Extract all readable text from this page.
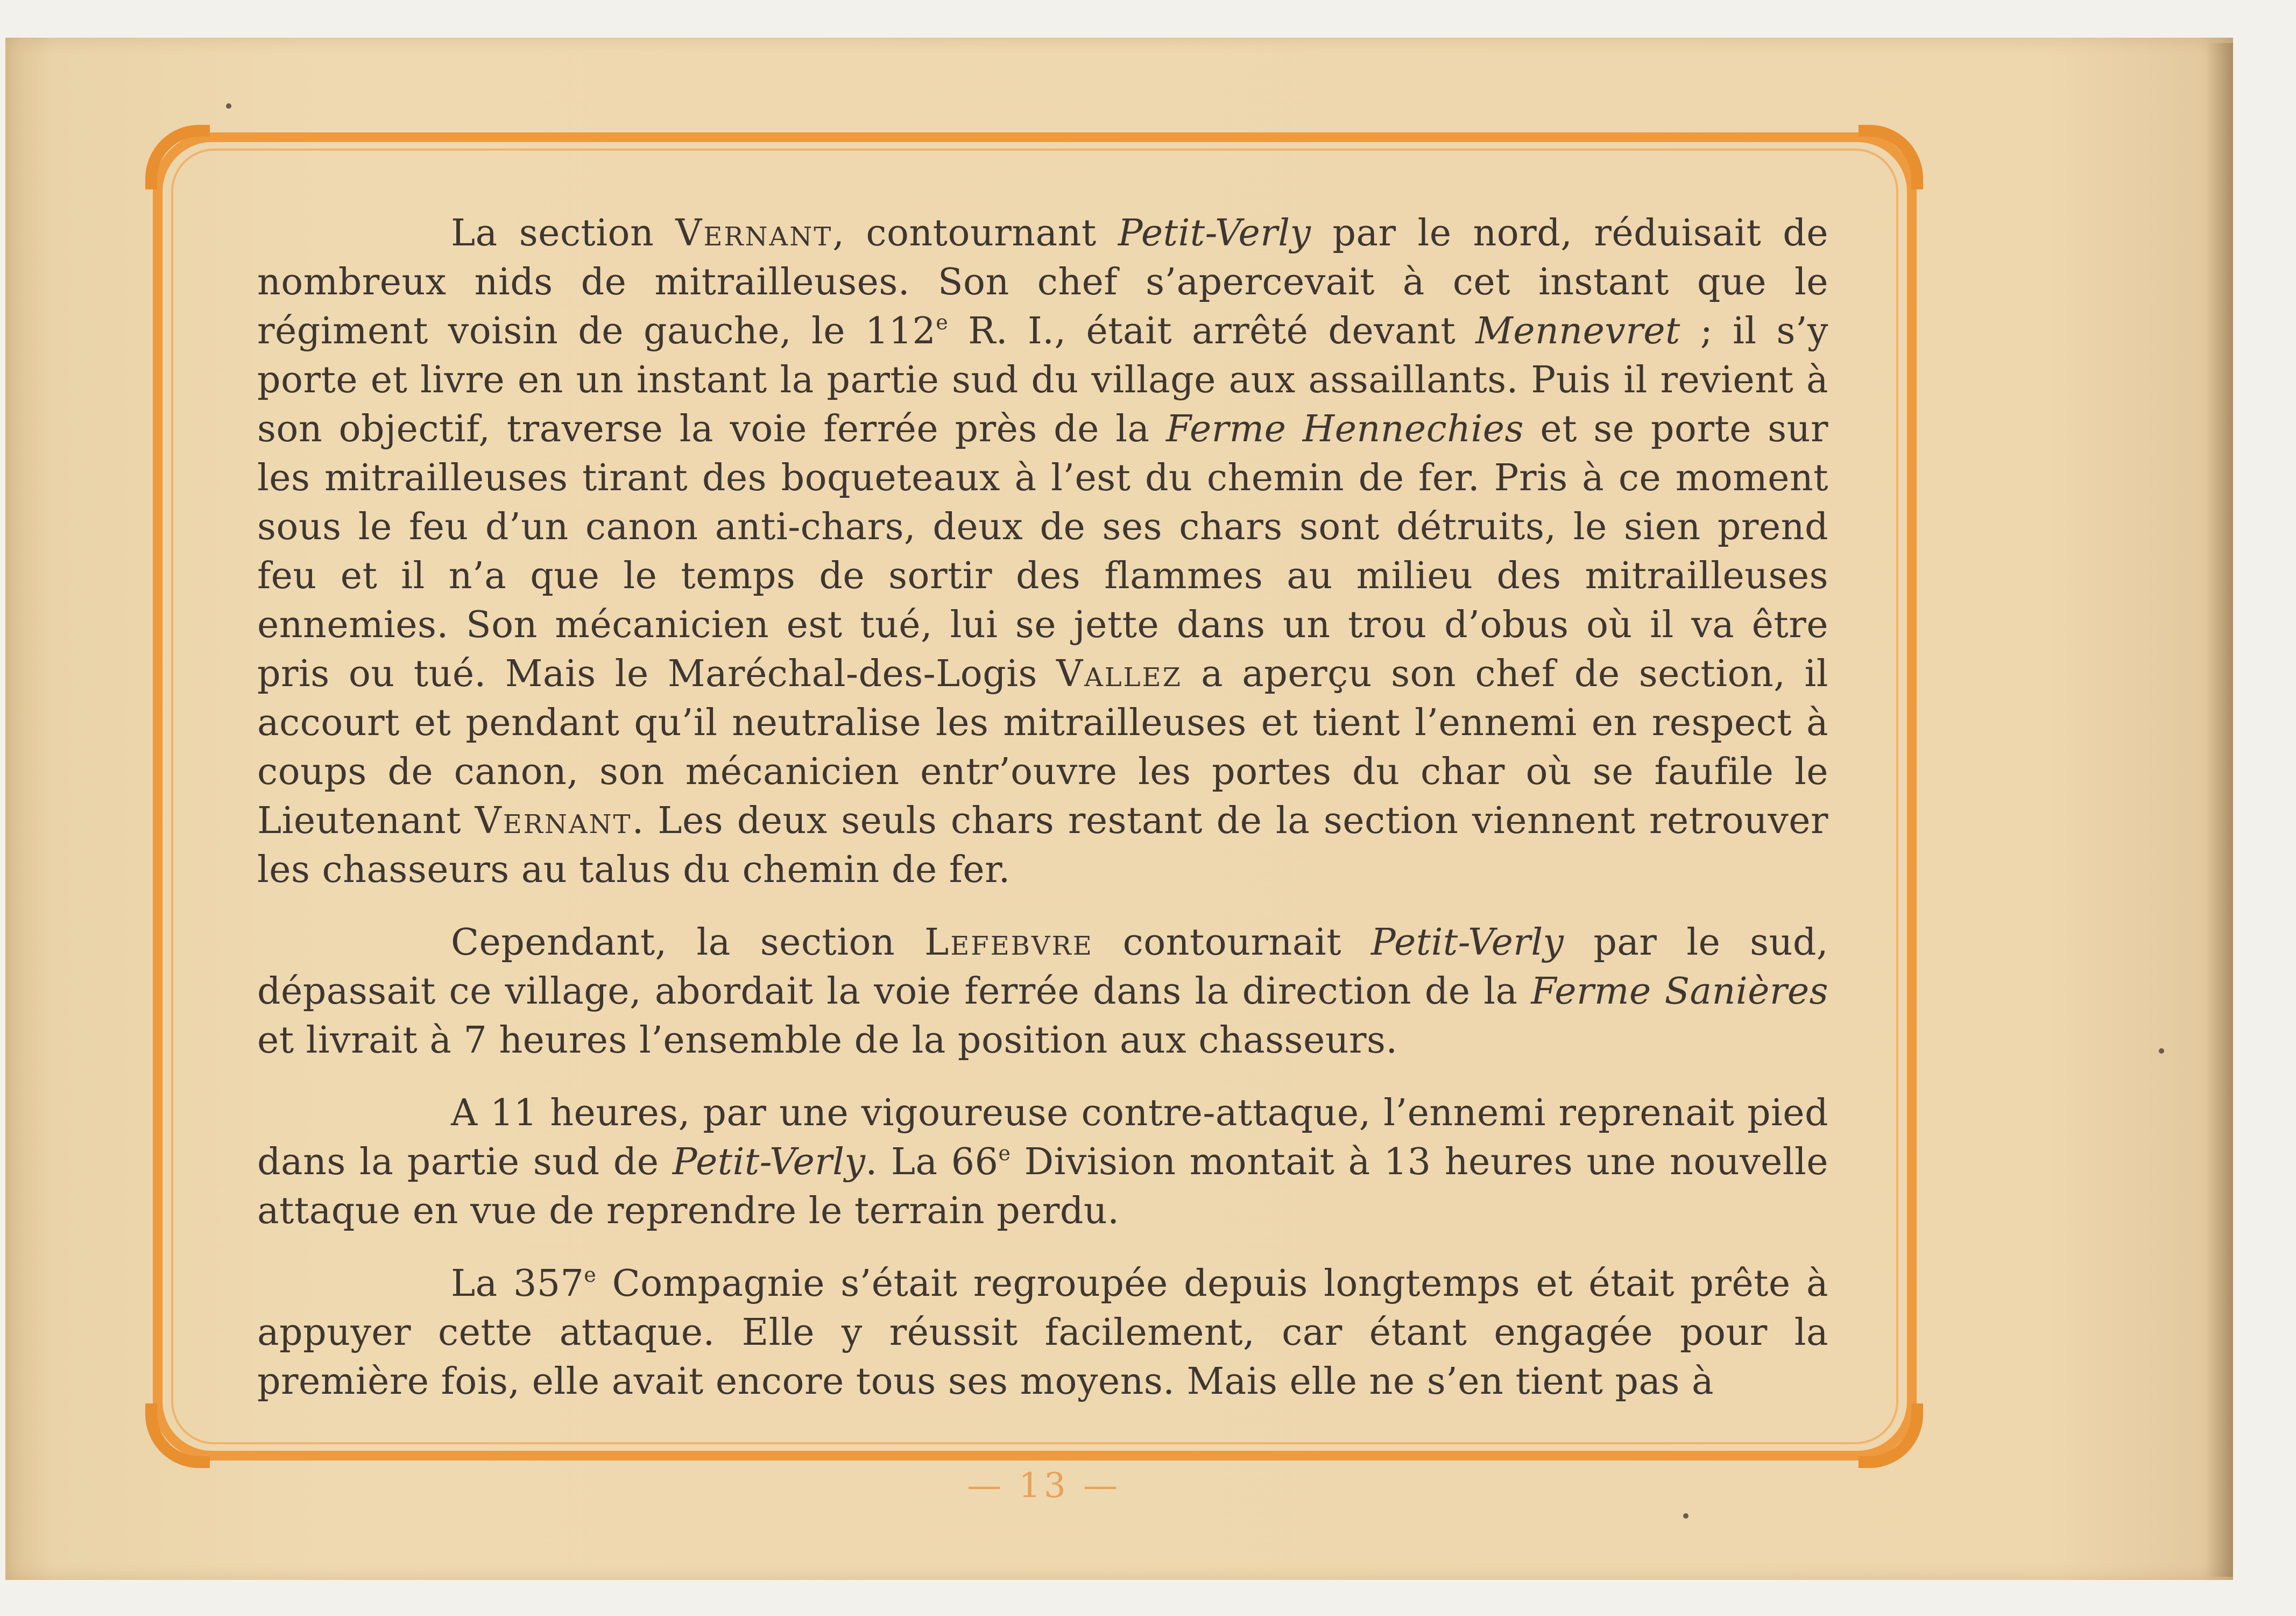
La section Vernant, contournant Petit-Verly par le nord, réduisait de nombreux nids de mitrailleuses. Son chef s’apercevait à cet instant que le régiment voisin de gauche, le 112e R. I., était arrêté devant Mennevret ; il s’y porte et livre en un instant la partie sud du village aux assaillants. Puis il revient à son objectif, traverse la voie ferrée près de la Ferme Hennechies et se porte sur les mitrailleuses tirant des boqueteaux à l’est du chemin de fer. Pris à ce moment sous le feu d’un canon anti-chars, deux de ses chars sont détruits, le sien prend feu et il n’a que le temps de sortir des flammes au milieu des mitrailleuses ennemies. Son mécanicien est tué, lui se jette dans un trou d’obus où il va être pris ou tué. Mais le Maréchal-des-Logis Vallez a aperçu son chef de section, il accourt et pendant qu’il neutralise les mitrailleuses et tient l’ennemi en respect à coups de canon, son mécanicien entr’ouvre les portes du char où se faufile le Lieutenant Vernant. Les deux seuls chars restant de la section viennent retrouver les chasseurs au talus du chemin de fer.

Cependant, la section Lefebvre contournait Petit-Verly par le sud, dépassait ce village, abordait la voie ferrée dans la direction de la Ferme Sanières et livrait à 7 heures l’ensemble de la position aux chasseurs.

A 11 heures, par une vigoureuse contre-attaque, l’ennemi reprenait pied dans la partie sud de Petit-Verly. La 66e Division montait à 13 heures une nouvelle attaque en vue de reprendre le terrain perdu.

La 357e Compagnie s’était regroupée depuis longtemps et était prête à appuyer cette attaque. Elle y réussit facilement, car étant engagée pour la première fois, elle avait encore tous ses moyens. Mais elle ne s’en tient pas à

— 13 —
